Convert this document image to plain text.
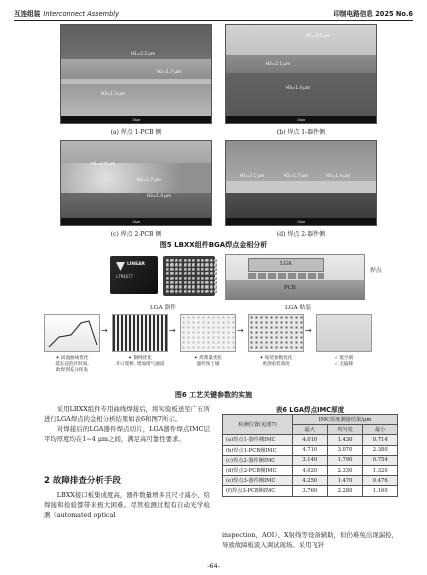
互连组装 Interconnect Assembly	印制电路信息 2025 No.6
H1=2.2 μm
H2=1.7 μm
H3=1.3 μm
10μm
H1=3.0 μm
H2=2.1 μm
H3=1.4 μm
10μm
(a) 焊点 1-PCB 侧	(b) 焊点 1-器件侧
H1=2.0 μm
H2=1.7 μm
H3=1.4 μm
10μm
H1=2.1 μm	H2=1.7 μm	H3=1.4 μm
10μm
(c) 焊点 2-PCB 侧	(d) 焊点 2-器件侧
图5 LBXX组件BGA焊点金相分析
LINEAR
LTM4677
LGA 器件
LGA
PCB
焊点
LGA 贴装
✦ 回流曲线优化
延长浸泡区时间,
助焊剂充分挥发
✦ 钢网优化
开口架桥, 增加排气通道
✦ 焊膏量优化
器件预上锡
✦ 贴装参数优化
更改贴装高度
✓ 低空洞
✓ 无偏移
→	→	→	→
图6 工艺关键参数的实施
采用LBXX组件专用曲线焊接后，将实验板送至广五所进行LGA焊点的金相分析结果如表6和图7所示。
对焊接后的LGA器件焊点切片，LGA器件焊点IMC层平均厚度均在1~4 μm之间，满足高可靠性要求。
2 故障排查分析手段
LBXX接口板集成度高，器件数量增多且尺寸减小、给焊接和检验都带来极大困难。尽管检测过程有自动光学检测（automated optical
表6 LGA焊点IMC厚度
检测位置(见图7)	IMC厚度测量结果/μm		
	最大	均匀处	最小
(a)焊点1-器件侧IMC	4.010	1.430	0.714
(b)焊点1-PCB侧IMC	4.710	3.070	2.380
(c)焊点2-器件侧IMC	3.140	1.790	0.754
(d)焊点2-PCB侧IMC	4.020	2.330	1.320
(e)焊点3-器件侧IMC	4.250	1.470	0.476
(f)焊点3-PCB侧IMC	3.760	2.280	1.160
inspection，AOI）、X射线等设备辅助，但仍难免出现漏检，导致故障板流入调试现场。采用飞针
-64-
